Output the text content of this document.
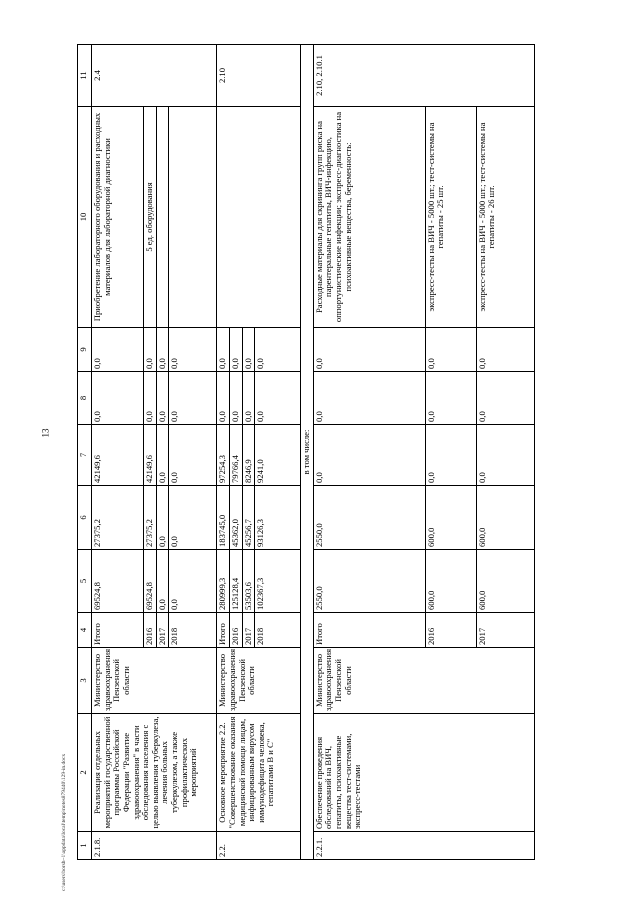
13
c:\users\borsh~1\appdata\local\temp\notes879440\129-in.docx 1	2	3	4	5	6	7	8	9	10	11
2.1.8.	Реализация отдельных мероприятий государственной программы Российской Федерации "Развитие здравоохранения" в части обследования населения с целью выявления туберкулеза, лечения больных туберкулезом, а также профилактических мероприятий	Министерство здравоохранения Пензенской области	Итого	69524,8	27375,2	42149,6	0,0	0,0	Приобретение лабораторного оборудования и расходных материалов для лабораторной диагностики	2.4
			2016	69524,8	27375,2	42149,6	0,0	0,0	5 ед. оборудования	
			2017	0,0	0,0	0,0	0,0	0,0		
			2018	0,0	0,0	0,0	0,0	0,0		
2.2.	Основное мероприятие 2.2. "Совершенствование оказания медицинской помощи лицам, инфицированным вирусом иммунодефицита человека, гепатитами В и С"	Министерство здравоохранения Пензенской области	Итого	280999,3	183745,0	97254,3	0,0	0,0		2.10
			2016	125128,4	45362,0	79766,4	0,0	0,0		
			2017	53503,6	45256,7	8246,9	0,0	0,0		
			2018	102367,3	93126,3	9241,0	0,0	0,0		
в том числе:										
2.2.1.	Обеспечение проведения обследований на ВИЧ, гепатиты, психоактивные вещества тест-системами, экспресс-тестами	Министерство здравоохранения Пензенской области	Итого	2550,0	2550,0	0,0	0,0	0,0	Расходные материалы для скрининга групп риска на парентеральные гепатиты, ВИЧ-инфекцию, оппортунистические инфекции; экспресс-диагностика на психоактивные вещества, беременность:	2.10, 2.10.1
			2016	600,0	600,0	0,0	0,0	0,0	экспресс-тесты на ВИЧ - 5000 шт.; тест-системы на гепатиты - 25 шт.	
			2017	600,0	600,0	0,0	0,0	0,0	экспресс-тесты на ВИЧ - 5000 шт.; тест-системы на гепатиты - 26 шт.	
